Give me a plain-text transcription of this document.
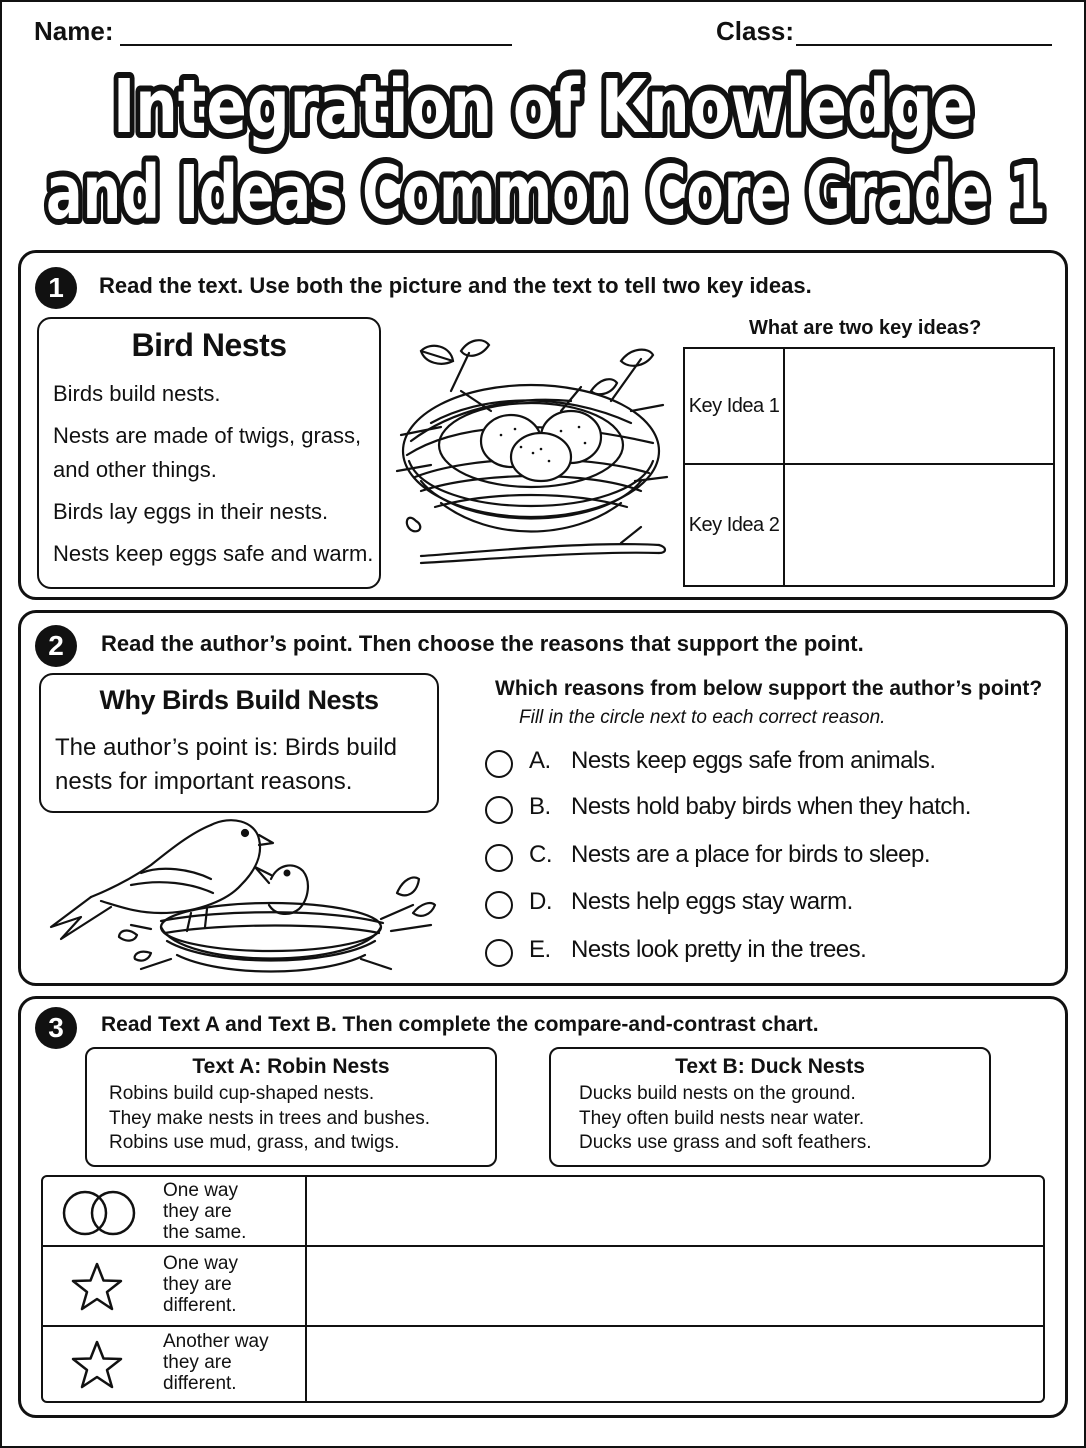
Name:	Class:
Integration of Knowledge
and Ideas Common Core Grade 1
1	Read the text. Use both the picture and the text to tell two key ideas.
Bird Nests
Birds build nests.
Nests are made of twigs, grass,
and other things.
Birds lay eggs in their nests.
Nests keep eggs safe and warm.
What are two key ideas?
Key Idea 1	
Key Idea 2	
2	Read the author’s point. Then choose the reasons that support the point.
Why Birds Build Nests
The author’s point is: Birds build
nests for important reasons.
Which reasons from below support the author’s point?
Fill in the circle next to each correct reason.
A. Nests keep eggs safe from animals.
B. Nests hold baby birds when they hatch.
C. Nests are a place for birds to sleep.
D. Nests help eggs stay warm.
E. Nests look pretty in the trees.
3	Read Text A and Text B. Then complete the compare-and-contrast chart.
Text A: Robin Nests
Robins build cup-shaped nests.
They make nests in trees and bushes.
Robins use mud, grass, and twigs.
Text B: Duck Nests
Ducks build nests on the ground.
They often build nests near water.
Ducks use grass and soft feathers.
One way
they are
the same.
One way
they are
different.
Another way
they are
different.
